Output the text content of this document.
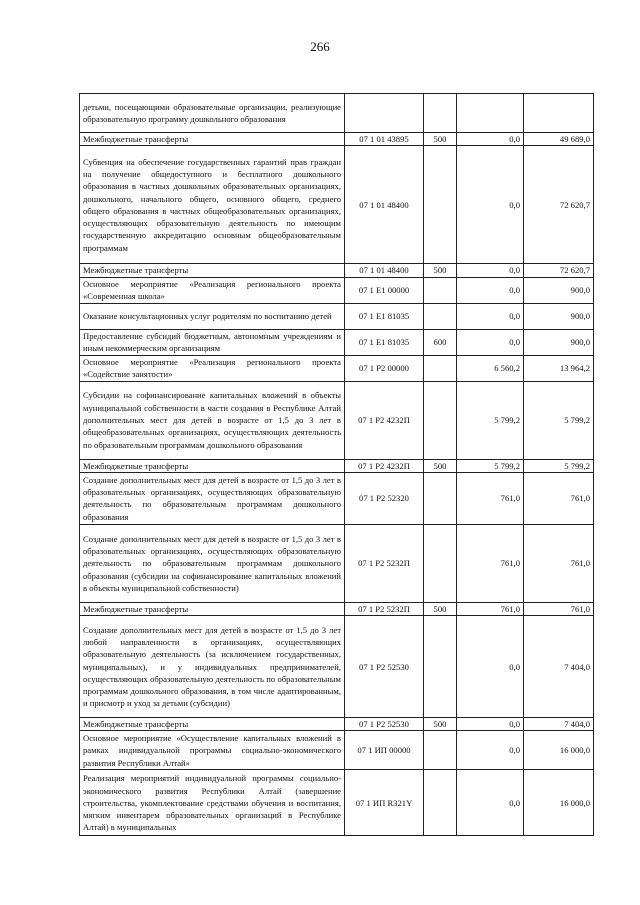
266
детьми, посещающими образовательные организации, реализующие образовательную программу дошкольного образования				
Межбюджетные трансферты	07 1 01 43895	500	0,0	49 689,0
Субвенция на обеспечение государственных гарантий прав граждан на получение общедоступного и бесплатного дошкольного образования в частных дошкольных образовательных организациях, дошкольного, начального общего, основного общего, среднего общего образования в частных общеобразовательных организациях, осуществляющих образовательную деятельность по имеющим государственную аккредитацию основным общеобразовательным программам	07 1 01 48400		0,0	72 620,7
Межбюджетные трансферты	07 1 01 48400	500	0,0	72 620,7
Основное мероприятие «Реализация регионального проекта «Современная школа»	07 1 E1 00000		0,0	900,0
Оказание консультационных услуг родителям по воспитанию детей	07 1 E1 81035		0,0	900,0
Предоставление субсидий бюджетным, автономным учреждениям и иным некоммерческим организациям	07 1 E1 81035	600	0,0	900,0
Основное мероприятие «Реализация регионального проекта «Содействие занятости»	07 1 P2 00000		6 560,2	13 964,2
Субсидии на софинансирование капитальных вложений в объекты муниципальной собственности в части создания в Республике Алтай дополнительных мест для детей в возрасте от 1,5 до 3 лет в общеобразовательных организациях, осуществляющих деятельность по образовательным программам дошкольного образования	07 1 P2 4232П		5 799,2	5 799,2
Межбюджетные трансферты	07 1 P2 4232П	500	5 799,2	5 799,2
Создание дополнительных мест для детей в возрасте от 1,5 до 3 лет в образовательных организациях, осуществляющих образовательную деятельность по образовательным программам дошкольного образования	07 1 P2 52320		761,0	761,0
Создание дополнительных мест для детей в возрасте от 1,5 до 3 лет в образовательных организациях, осуществляющих образовательную деятельность по образовательным программам дошкольного образования (субсидии на софинансирование капитальных вложений в объекты муниципальной собственности)	07 1 P2 5232П		761,0	761,0
Межбюджетные трансферты	07 1 P2 5232П	500	761,0	761,0
Создание дополнительных мест для детей в возрасте от 1,5 до 3 лет любой направленности в организациях, осуществляющих образовательную деятельность (за исключением государственных, муниципальных), и у индивидуальных предпринимателей, осуществляющих образовательную деятельность по образовательным программам дошкольного образования, в том числе адаптированным, и присмотр и уход за детьми (субсидии)	07 1 P2 52530		0,0	7 404,0
Межбюджетные трансферты	07 1 P2 52530	500	0,0	7 404,0
Основное мероприятие «Осуществление капитальных вложений в рамках индивидуальной программы социально-экономического развития Республики Алтай»	07 1 ИП 00000		0,0	16 000,0
Реализация мероприятий индивидуальной программы социально-экономического развития Республики Алтай (завершение строительства, укомплектование средствами обучения и воспитания, мягким инвентарем образовательных организаций в Республике Алтай) в муниципальных	07 1 ИП R321Y		0,0	16 000,0
